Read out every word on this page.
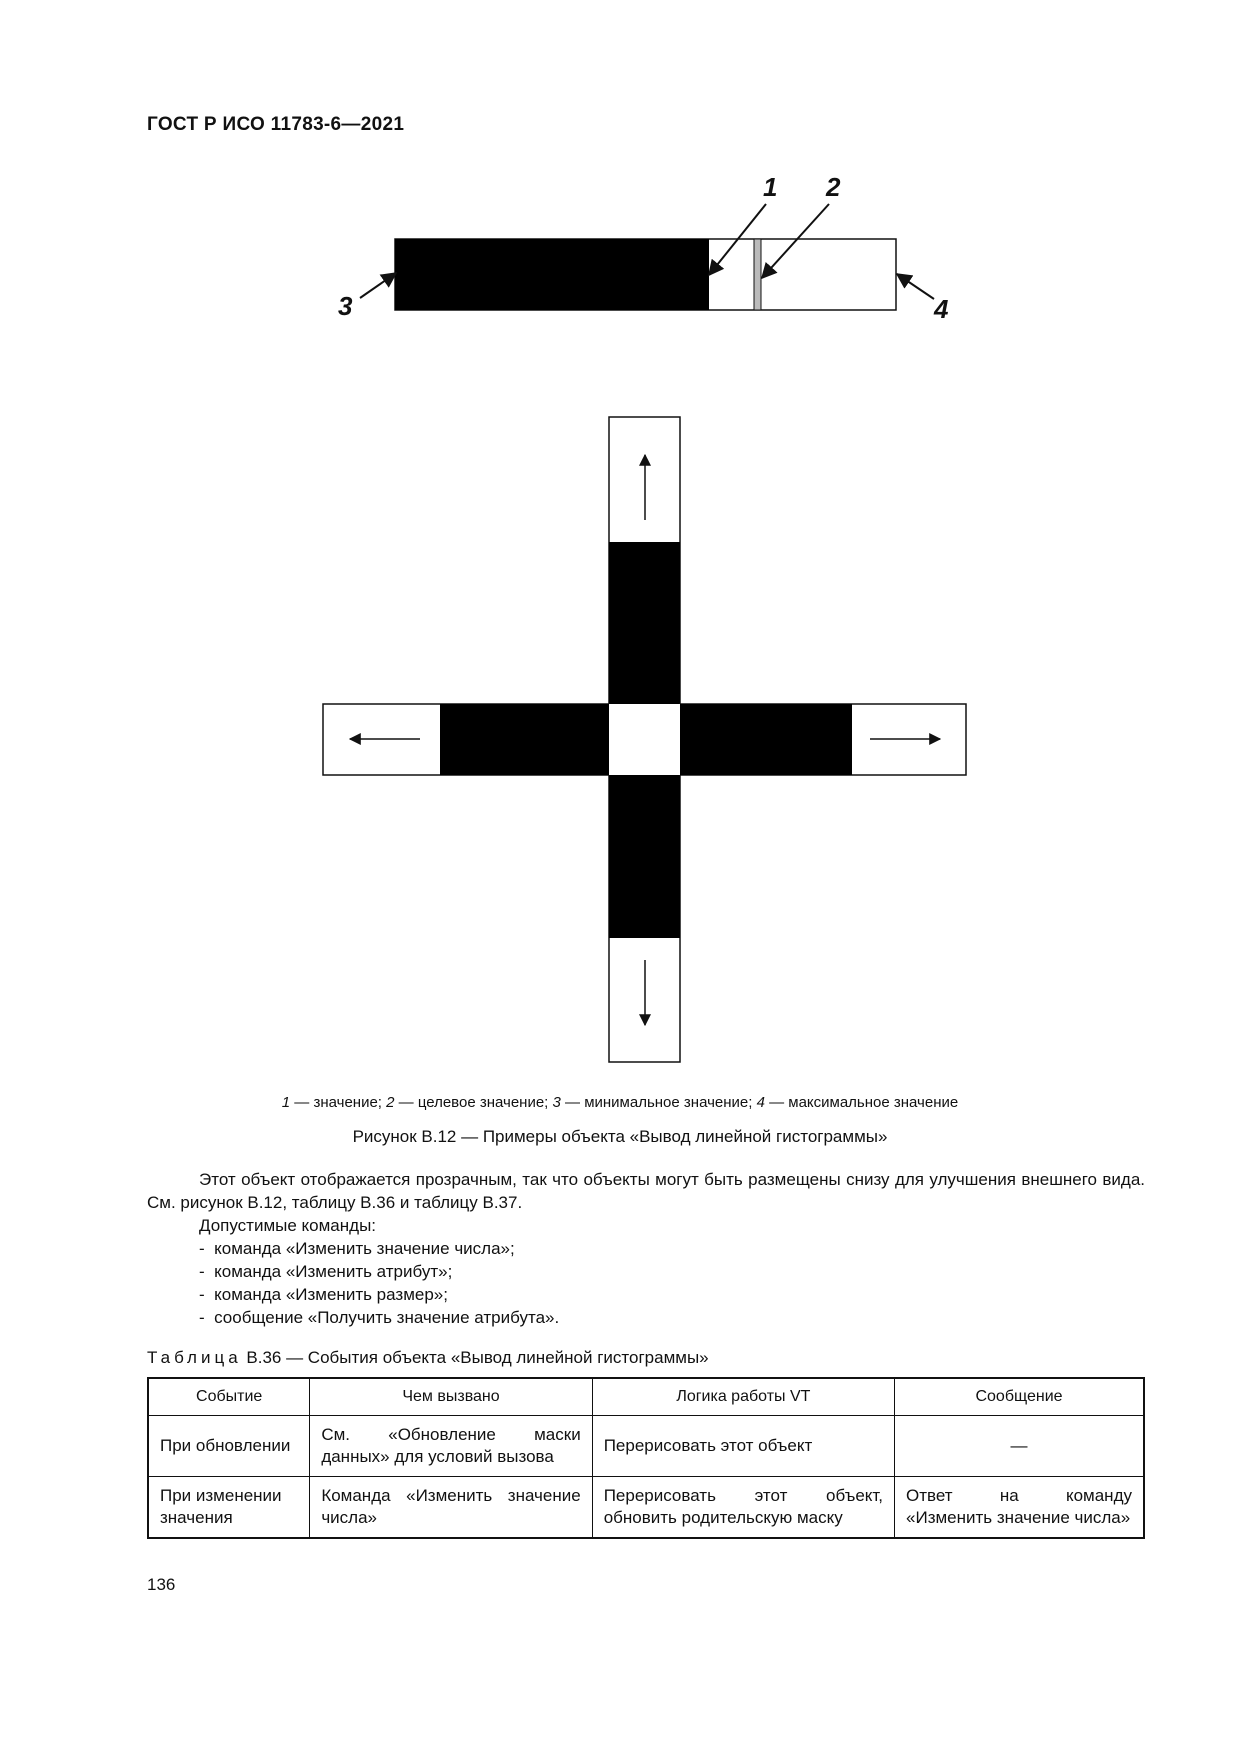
ГОСТ Р ИСО 11783-6—2021
1 2
3	4
1 — значение; 2 — целевое значение; 3 — минимальное значение; 4 — максимальное значение
Рисунок В.12 — Примеры объекта «Вывод линейной гистограммы»
Этот объект отображается прозрачным, так что объекты могут быть размещены снизу для улучшения внешнего вида. См. рисунок В.12, таблицу В.36 и таблицу В.37.
Допустимые команды:
-  команда «Изменить значение числа»;
-  команда «Изменить атрибут»;
-  команда «Изменить размер»;
-  сообщение «Получить значение атрибута».
Таблица В.36 — События объекта «Вывод линейной гистограммы»
Событие	Чем вызвано	Логика работы VT	Сообщение
При обновлении	См. «Обновление маски данных» для условий вызова	Перерисовать этот объект	—
При изменении значения	Команда «Изменить значение числа»	Перерисовать этот объект, обновить родительскую маску	Ответ на команду «Изменить значение числа»
136
